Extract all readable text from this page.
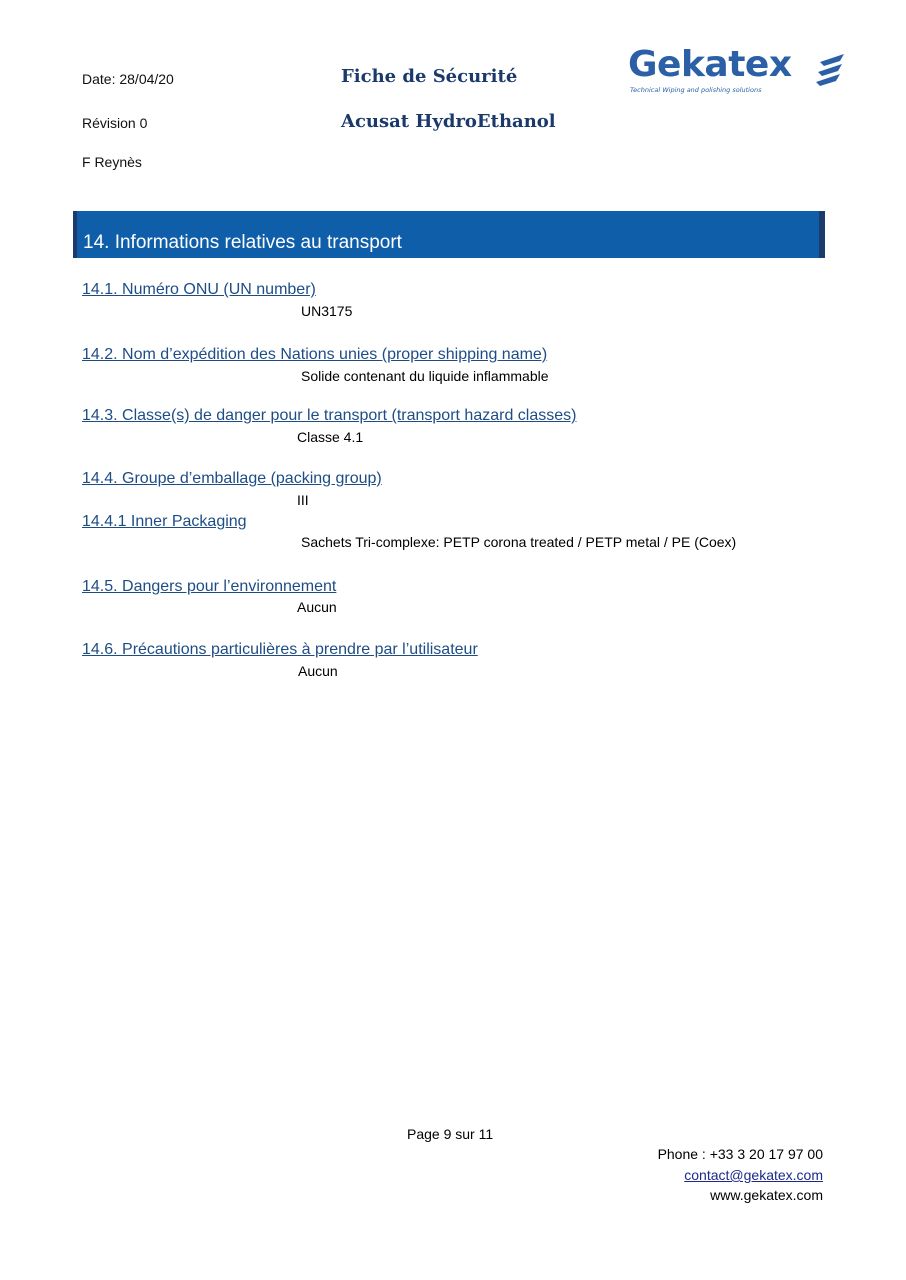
Date: 28/04/20
Révision 0
F Reynès
Fiche de Sécurité
Acusat HydroEthanol
Gekatex
Technical Wiping and polishing solutions
14. Informations relatives au transport
14.1. Numéro ONU (UN number)
UN3175
14.2. Nom d’expédition des Nations unies (proper shipping name)
Solide contenant du liquide inflammable
14.3. Classe(s) de danger pour le transport (transport hazard classes)
Classe 4.1
14.4. Groupe d’emballage (packing group)
III
14.4.1 Inner Packaging
Sachets Tri-complexe: PETP corona treated / PETP metal / PE (Coex)
14.5. Dangers pour l’environnement
Aucun
14.6. Précautions particulières à prendre par l’utilisateur
Aucun
Page 9 sur 11
Phone : +33 3 20 17 97 00
contact@gekatex.com
www.gekatex.com
